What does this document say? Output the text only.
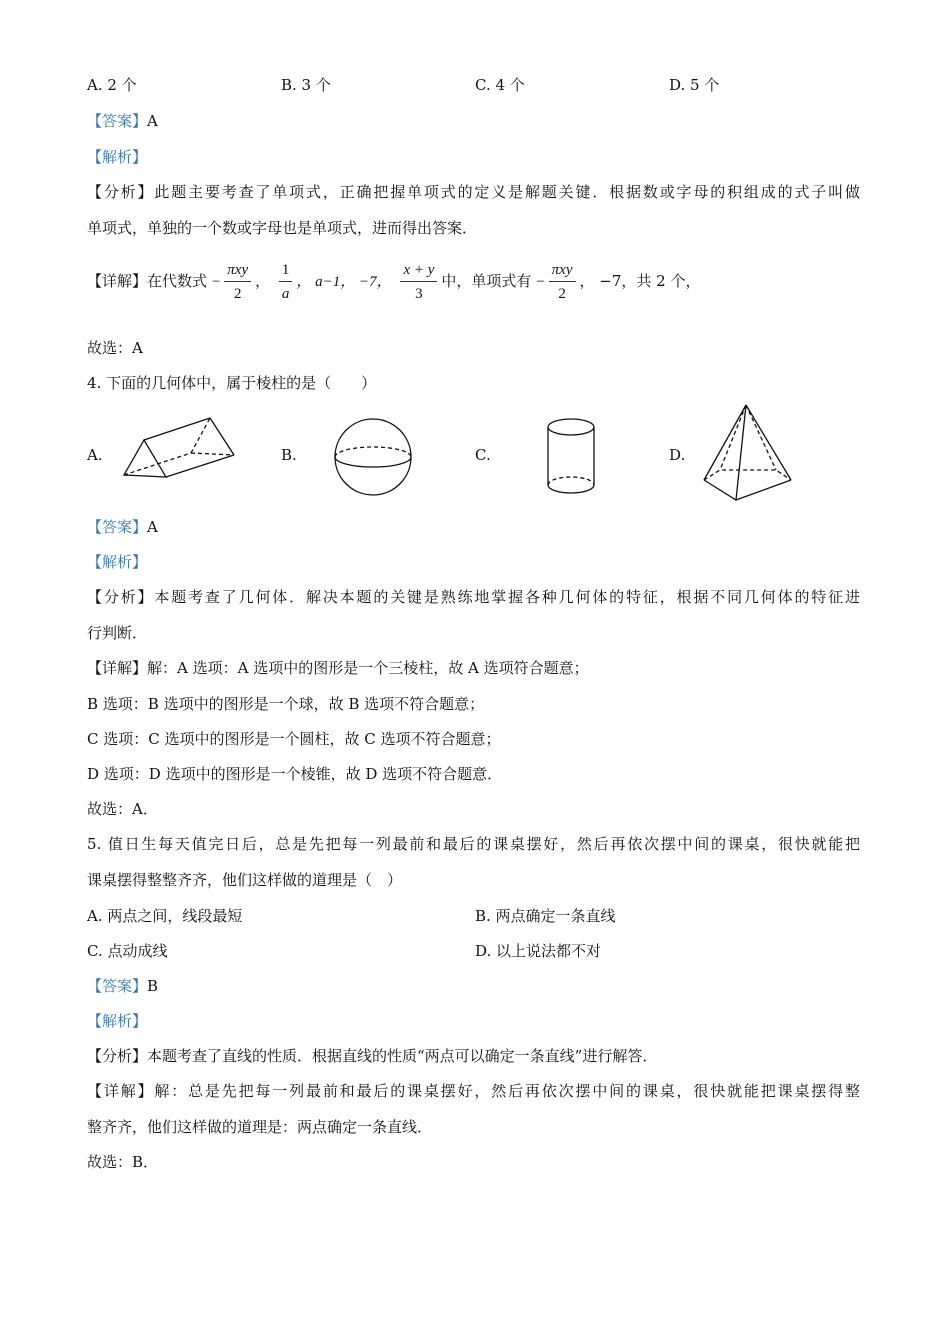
A. 2 个	B. 3 个	C. 4 个	D. 5 个
【答案】A
【解析】
【分析】此题主要考查了单项式，正确把握单项式的定义是解题关键．根据数或字母的积组成的式子叫做
单项式，单独的一个数或字母也是单项式，进而得出答案．
【详解】在代数式 − $\frac{\text{πxy}}{2}$ ， $\frac{1}{a}$ ， a−1， −7， $\frac{x + y}{3}$ 中，单项式有 − $\frac{\text{πxy}}{2}$ ， −7，共 2 个，
故选：A
4. 下面的几何体中，属于棱柱的是（　　）
A.	B.	C.	D.
【答案】A
【解析】
【分析】本题考查了几何体．解决本题的关键是熟练地掌握各种几何体的特征，根据不同几何体的特征进
行判断．
【详解】解：A 选项：A 选项中的图形是一个三棱柱，故 A 选项符合题意；
B 选项：B 选项中的图形是一个球，故 B 选项不符合题意；
C 选项：C 选项中的图形是一个圆柱，故 C 选项不符合题意；
D 选项：D 选项中的图形是一个棱锥，故 D 选项不符合题意．
故选：A．
5. 值日生每天值完日后，总是先把每一列最前和最后的课桌摆好，然后再依次摆中间的课桌，很快就能把
课桌摆得整整齐齐，他们这样做的道理是（　）
A. 两点之间，线段最短	B. 两点确定一条直线
C. 点动成线	D. 以上说法都不对
【答案】B
【解析】
【分析】本题考查了直线的性质．根据直线的性质“两点可以确定一条直线”进行解答．
【详解】解：总是先把每一列最前和最后的课桌摆好，然后再依次摆中间的课桌，很快就能把课桌摆得整
整齐齐，他们这样做的道理是：两点确定一条直线．
故选：B．
